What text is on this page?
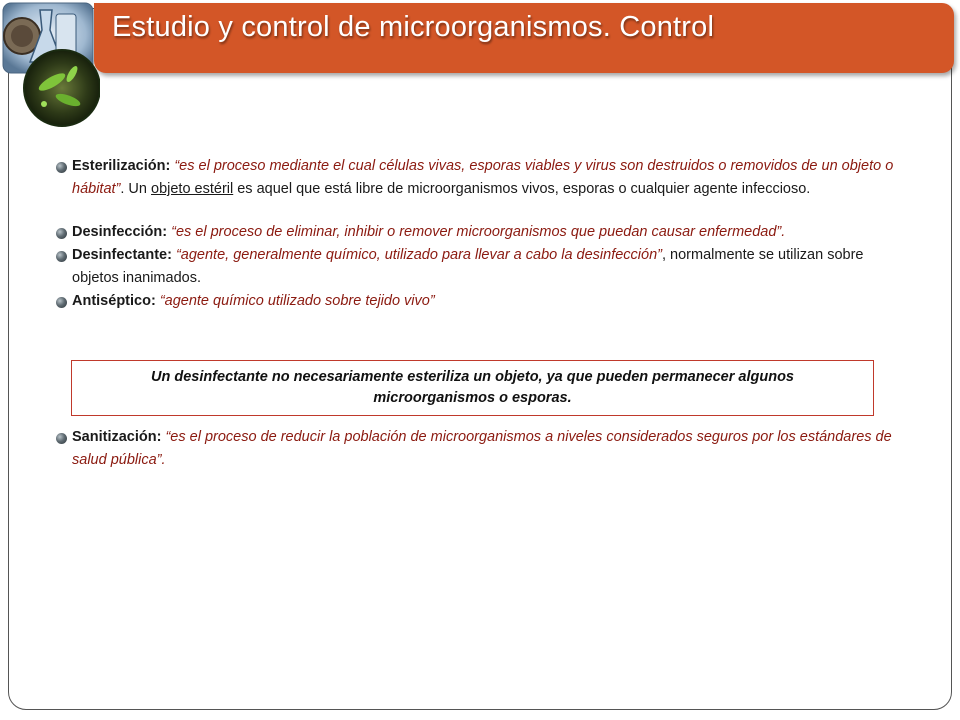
Estudio y control de microorganismos. Control

Esterilización: “es el proceso mediante el cual células vivas, esporas viables y virus son destruidos o removidos de un objeto o hábitat”. Un objeto estéril es aquel que está libre de microorganismos vivos, esporas o cualquier agente infeccioso.

Desinfección: “es el proceso de eliminar, inhibir o remover microorganismos que puedan causar enfermedad”.

Desinfectante: “agente, generalmente químico, utilizado para llevar a cabo la desinfección”, normalmente se utilizan sobre objetos inanimados.

Antiséptico: “agente químico utilizado sobre tejido vivo”

Un desinfectante no necesariamente esteriliza un objeto, ya que pueden permanecer algunos
microorganismos o esporas.

Sanitización: “es el proceso de reducir la población de microorganismos a niveles considerados seguros por los estándares de salud pública”.
